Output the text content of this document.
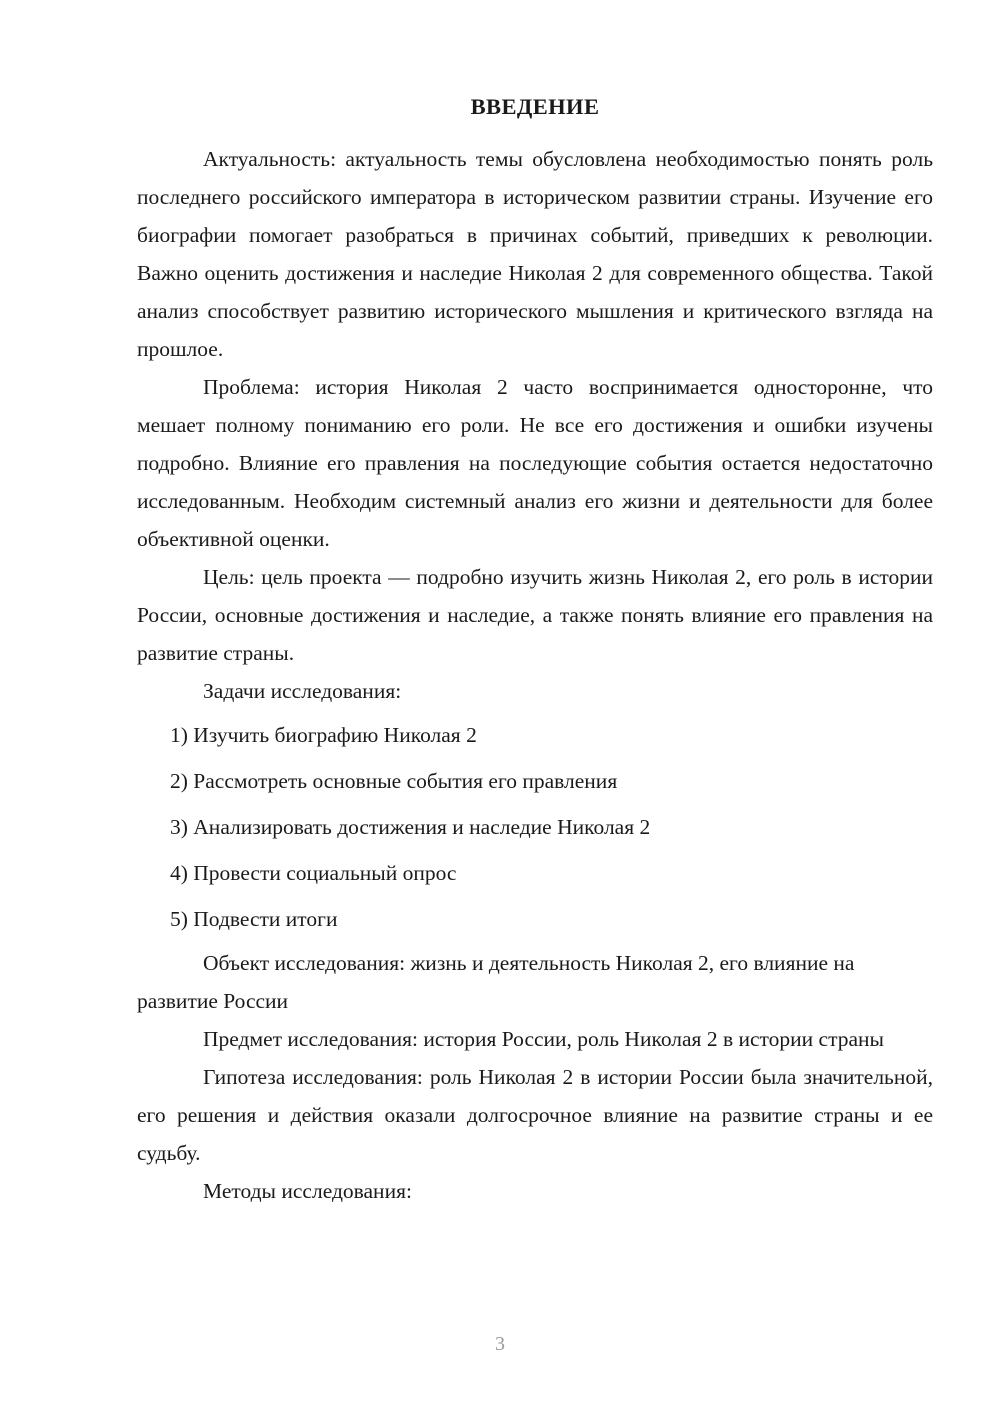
ВВЕДЕНИЕ

Актуальность: актуальность темы обусловлена необходимостью понять роль последнего российского императора в историческом развитии страны. Изучение его биографии помогает разобраться в причинах событий, приведших к революции. Важно оценить достижения и наследие Николая 2 для современного общества. Такой анализ способствует развитию исторического мышления и критического взгляда на прошлое.

Проблема: история Николая 2 часто воспринимается односторонне, что мешает полному пониманию его роли. Не все его достижения и ошибки изучены подробно. Влияние его правления на последующие события остается недостаточно исследованным. Необходим системный анализ его жизни и деятельности для более объективной оценки.

Цель: цель проекта — подробно изучить жизнь Николая 2, его роль в истории России, основные достижения и наследие, а также понять влияние его правления на развитие страны.

Задачи исследования:

1) Изучить биографию Николая 2
2) Рассмотреть основные события его правления
3) Анализировать достижения и наследие Николая 2
4) Провести социальный опрос
5) Подвести итоги

Объект исследования: жизнь и деятельность Николая 2, его влияние на развитие России

Предмет исследования: история России, роль Николая 2 в истории страны

Гипотеза исследования: роль Николая 2 в истории России была значительной, его решения и действия оказали долгосрочное влияние на развитие страны и ее судьбу.

Методы исследования:

3
